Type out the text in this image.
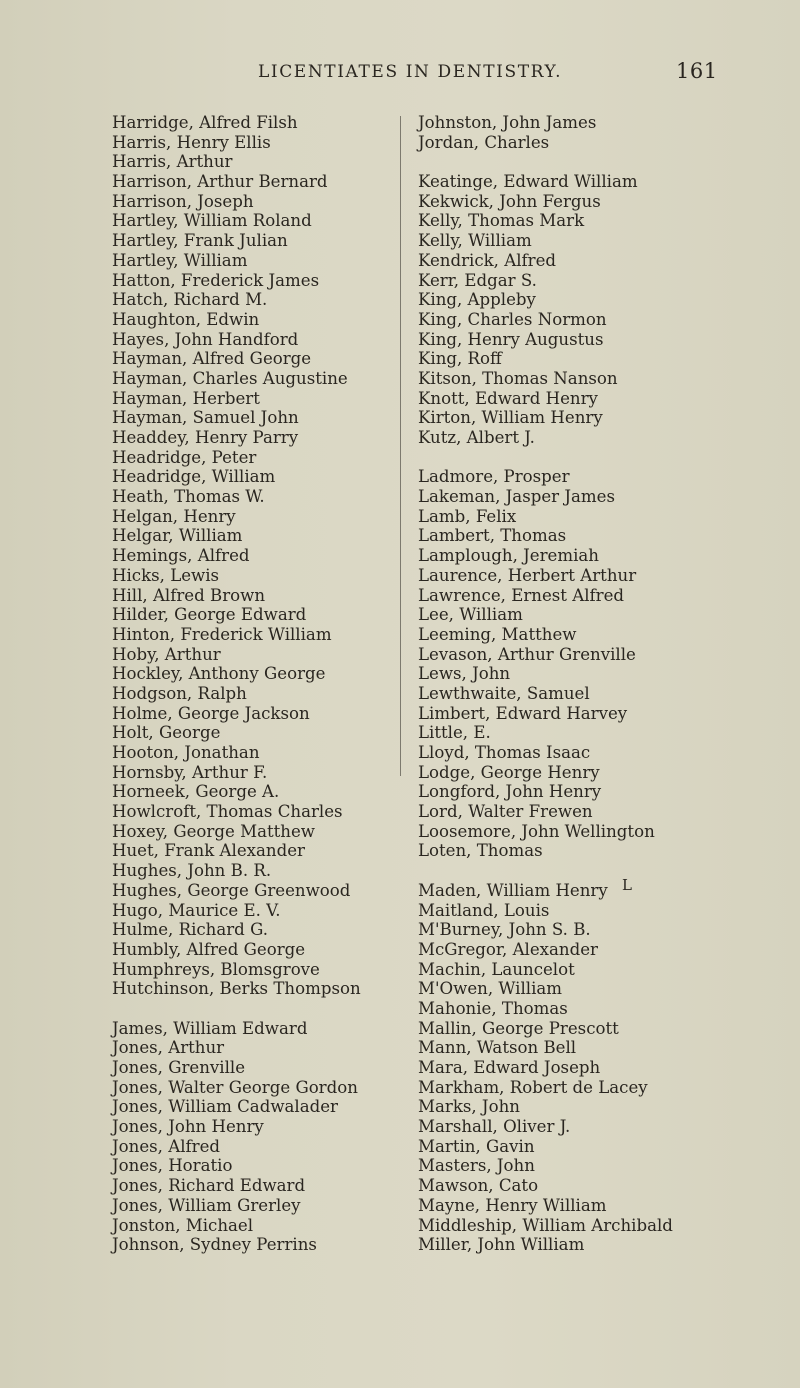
LICENTIATES IN DENTISTRY.	161
Harridge, Alfred Filsh
Harris, Henry Ellis
Harris, Arthur
Harrison, Arthur Bernard
Harrison, Joseph
Hartley, William Roland
Hartley, Frank Julian
Hartley, William
Hatton, Frederick James
Hatch, Richard M.
Haughton, Edwin
Hayes, John Handford
Hayman, Alfred George
Hayman, Charles Augustine
Hayman, Herbert
Hayman, Samuel John
Headdey, Henry Parry
Headridge, Peter
Headridge, William
Heath, Thomas W.
Helgan, Henry
Helgar, William
Hemings, Alfred
Hicks, Lewis
Hill, Alfred Brown
Hilder, George Edward
Hinton, Frederick William
Hoby, Arthur
Hockley, Anthony George
Hodgson, Ralph
Holme, George Jackson
Holt, George
Hooton, Jonathan
Hornsby, Arthur F.
Horneek, George A.
Howlcroft, Thomas Charles
Hoxey, George Matthew
Huet, Frank Alexander
Hughes, John B. R.
Hughes, George Greenwood
Hugo, Maurice E. V.
Hulme, Richard G.
Humbly, Alfred George
Humphreys, Blomsgrove
Hutchinson, Berks Thompson
James, William Edward
Jones, Arthur
Jones, Grenville
Jones, Walter George Gordon
Jones, William Cadwalader
Jones, John Henry
Jones, Alfred
Jones, Horatio
Jones, Richard Edward
Jones, William Grerley
Jonston, Michael
Johnson, Sydney Perrins
Johnston, John James
Jordan, Charles
Keatinge, Edward William
Kekwick, John Fergus
Kelly, Thomas Mark
Kelly, William
Kendrick, Alfred
Kerr, Edgar S.
King, Appleby
King, Charles Normon
King, Henry Augustus
King, Roff
Kitson, Thomas Nanson
Knott, Edward Henry
Kirton, William Henry
Kutz, Albert J.
Ladmore, Prosper
Lakeman, Jasper James
Lamb, Felix
Lambert, Thomas
Lamplough, Jeremiah
Laurence, Herbert Arthur
Lawrence, Ernest Alfred
Lee, William
Leeming, Matthew
Levason, Arthur Grenville
Lews, John
Lewthwaite, Samuel
Limbert, Edward Harvey
Little, E.
Lloyd, Thomas Isaac
Lodge, George Henry
Longford, John Henry
Lord, Walter Frewen
Loosemore, John Wellington
Loten, Thomas
Maden, William Henry
Maitland, Louis
M'Burney, John S. B.
McGregor, Alexander
Machin, Launcelot
M'Owen, William
Mahonie, Thomas
Mallin, George Prescott
Mann, Watson Bell
Mara, Edward Joseph
Markham, Robert de Lacey
Marks, John
Marshall, Oliver J.
Martin, Gavin
Masters, John
Mawson, Cato
Mayne, Henry William
Middleship, William Archibald
Miller, John William
L
